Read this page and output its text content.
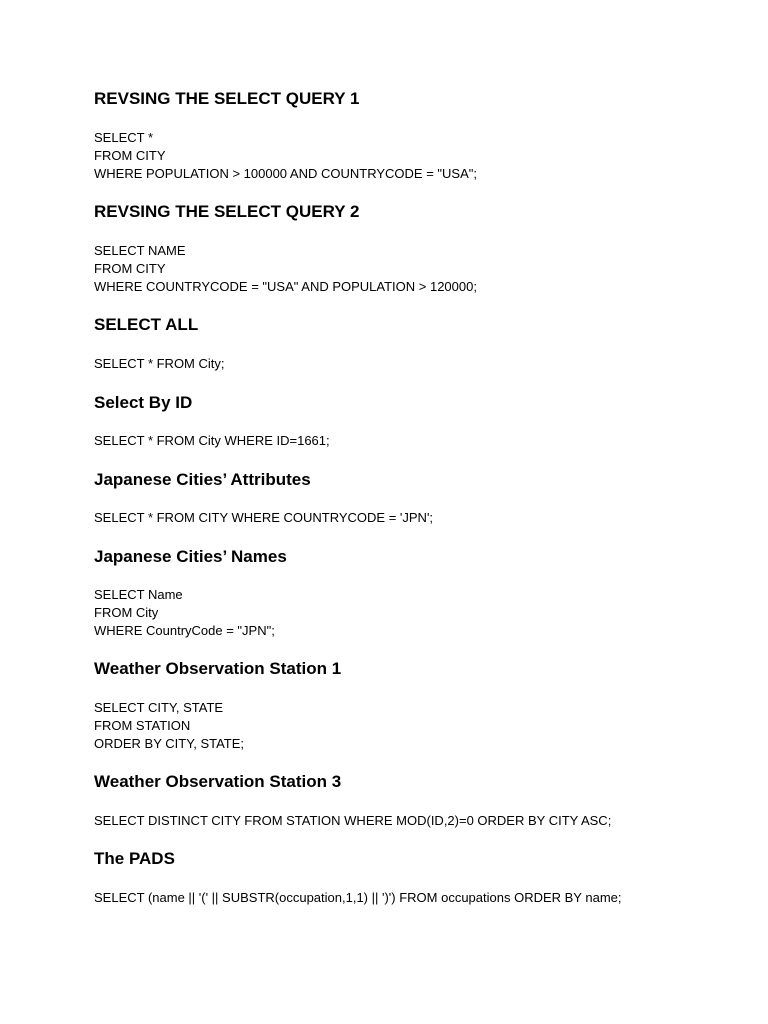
REVSING THE SELECT QUERY 1
SELECT *
FROM CITY
WHERE POPULATION > 100000 AND COUNTRYCODE = "USA";
REVSING THE SELECT QUERY 2
SELECT NAME
FROM CITY
WHERE COUNTRYCODE = "USA" AND POPULATION > 120000;
SELECT ALL
SELECT * FROM City;
Select By ID
SELECT * FROM City WHERE ID=1661;
Japanese Cities’ Attributes
SELECT * FROM CITY WHERE COUNTRYCODE = 'JPN';
Japanese Cities’ Names
SELECT Name
FROM City
WHERE CountryCode = "JPN";
Weather Observation Station 1
SELECT CITY, STATE
FROM STATION
ORDER BY CITY, STATE;
Weather Observation Station 3
SELECT DISTINCT CITY FROM STATION WHERE MOD(ID,2)=0 ORDER BY CITY ASC;
The PADS
SELECT (name || '(' || SUBSTR(occupation,1,1) || ')') FROM occupations ORDER BY name;
